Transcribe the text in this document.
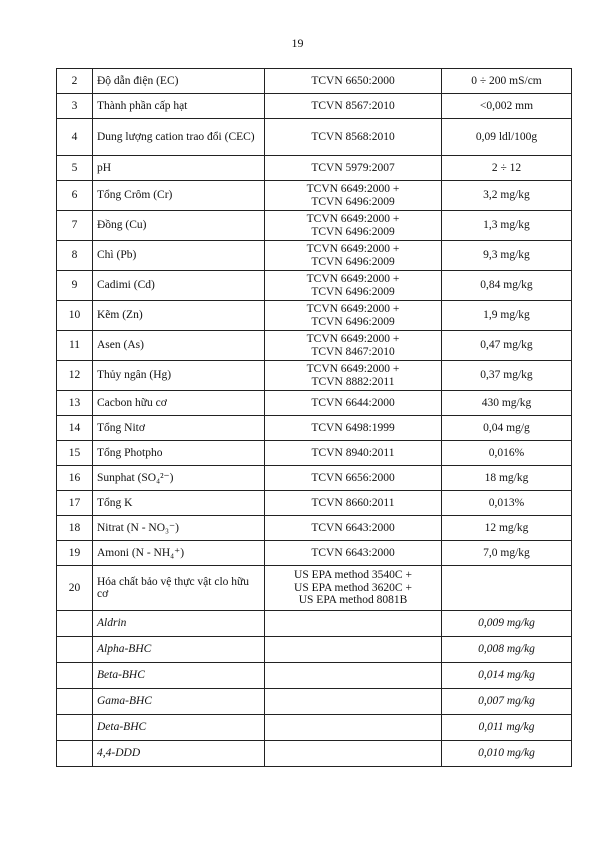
19
2	Độ dẫn điện (EC)	TCVN 6650:2000	0 ÷ 200 mS/cm
3	Thành phần cấp hạt	TCVN 8567:2010	<0,002 mm
4	Dung lượng cation trao đổi (CEC)	TCVN 8568:2010	0,09 ldl/100g
5	pH	TCVN 5979:2007	2 ÷ 12
6	Tổng Crôm (Cr)	TCVN 6649:2000 +
TCVN 6496:2009	3,2 mg/kg
7	Đồng (Cu)	TCVN 6649:2000 +
TCVN 6496:2009	1,3 mg/kg
8	Chì (Pb)	TCVN 6649:2000 +
TCVN 6496:2009	9,3 mg/kg
9	Cadimi (Cd)	TCVN 6649:2000 +
TCVN 6496:2009	0,84 mg/kg
10	Kẽm (Zn)	TCVN 6649:2000 +
TCVN 6496:2009	1,9 mg/kg
11	Asen (As)	TCVN 6649:2000 +
TCVN 8467:2010	0,47 mg/kg
12	Thủy ngân (Hg)	TCVN 6649:2000 +
TCVN 8882:2011	0,37 mg/kg
13	Cacbon hữu cơ	TCVN 6644:2000	430 mg/kg
14	Tổng Nitơ	TCVN 6498:1999	0,04 mg/g
15	Tổng Photpho	TCVN 8940:2011	0,016%
16	Sunphat (SO₄²⁻)	TCVN 6656:2000	18 mg/kg
17	Tổng K	TCVN 8660:2011	0,013%
18	Nitrat (N - NO₃⁻)	TCVN 6643:2000	12 mg/kg
19	Amoni (N - NH₄⁺)	TCVN 6643:2000	7,0 mg/kg
20	Hóa chất bảo vệ thực vật clo hữu cơ	US EPA method 3540C +
US EPA method 3620C +
US EPA method 8081B	

	Aldrin		0,009 mg/kg
	Alpha-BHC		0,008 mg/kg
	Beta-BHC		0,014 mg/kg
	Gama-BHC		0,007 mg/kg
	Deta-BHC		0,011 mg/kg
	4,4-DDD		0,010 mg/kg
